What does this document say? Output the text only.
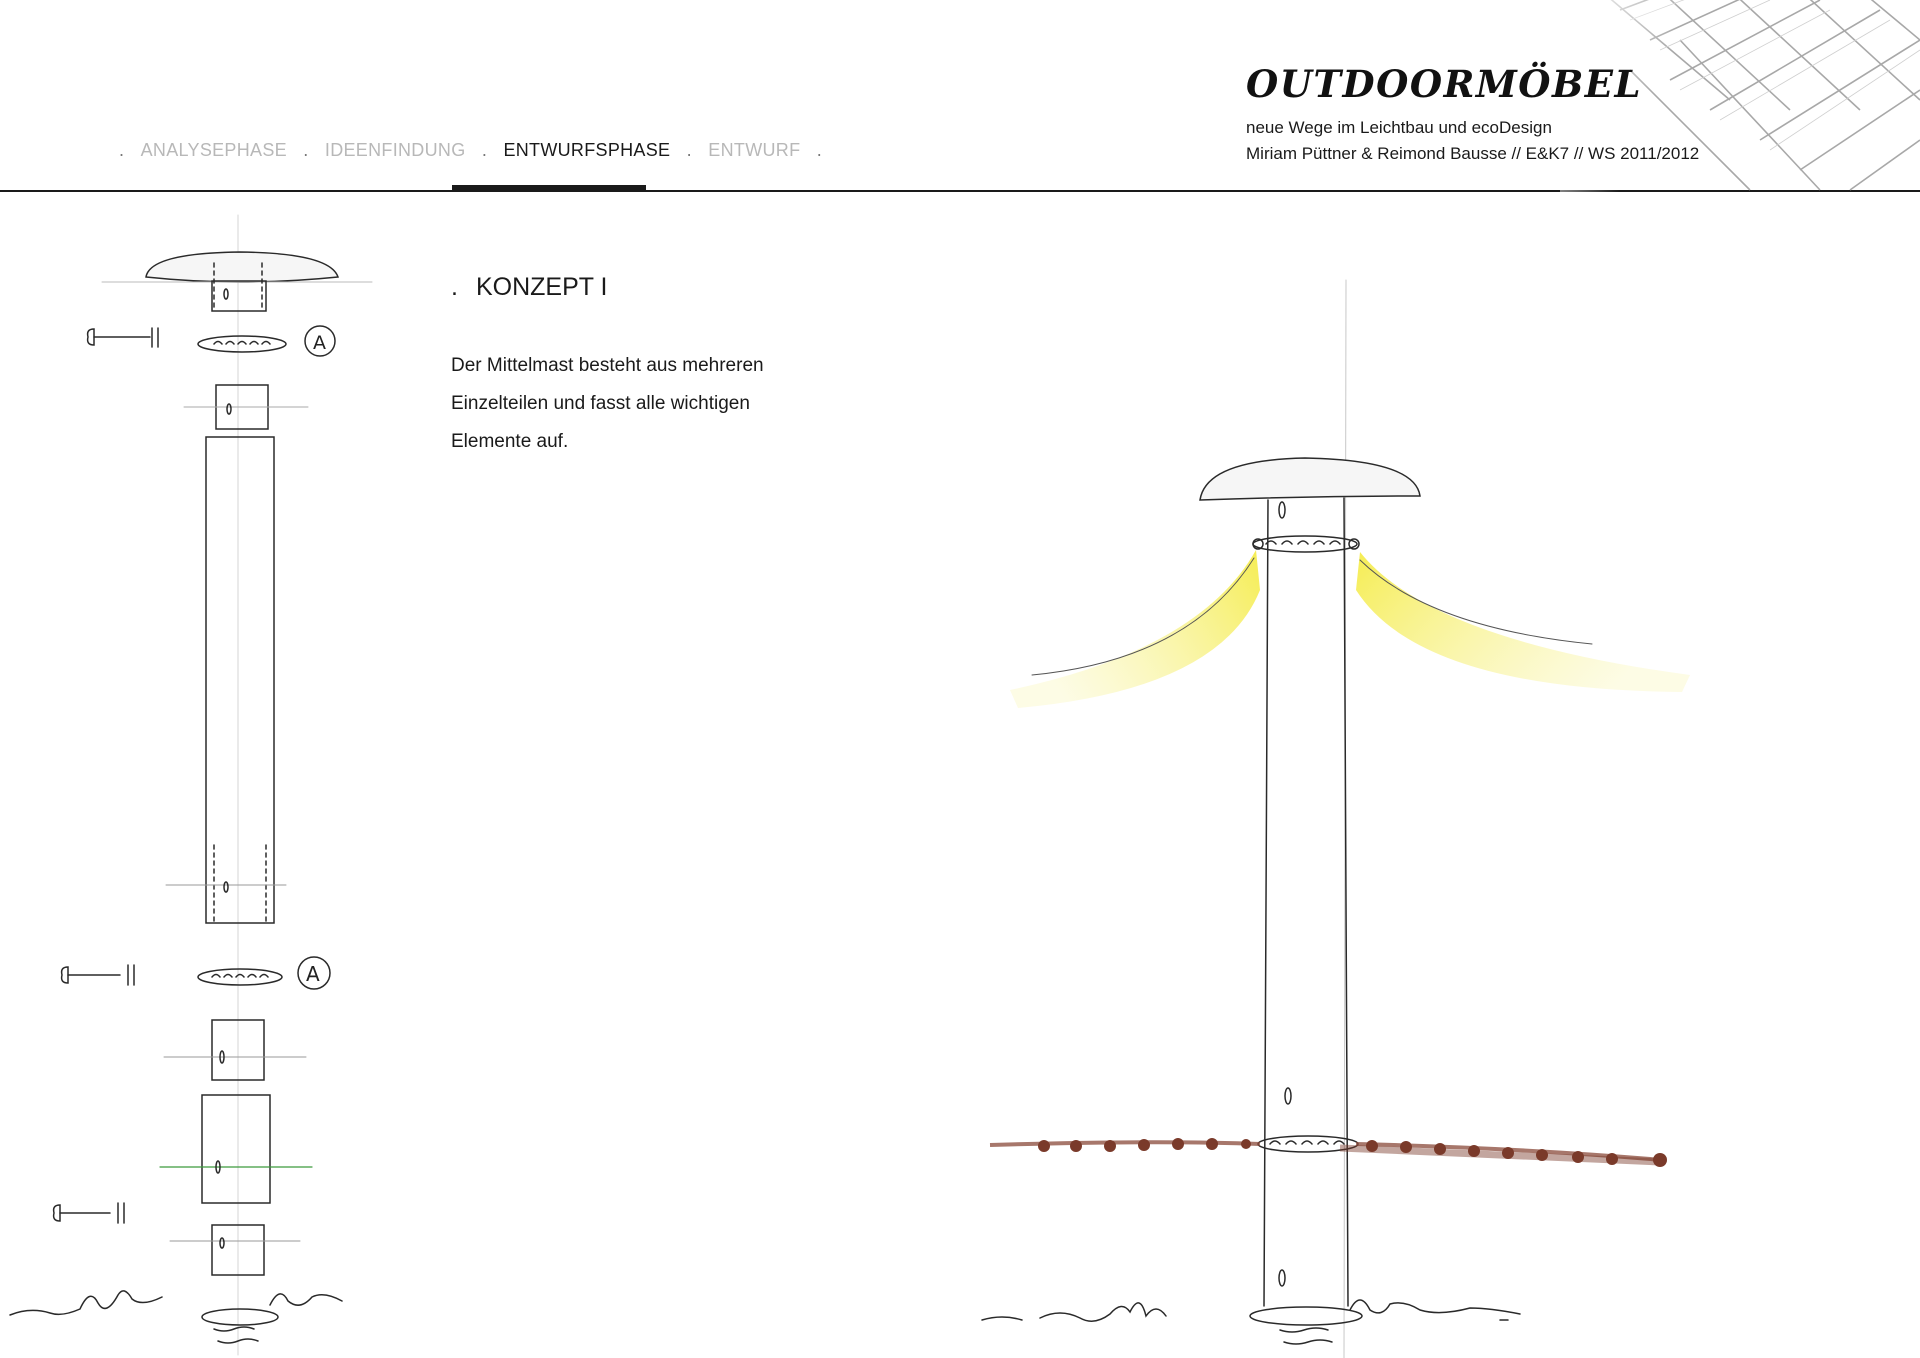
. ANALYSEPHASE . IDEENFINDUNG . ENTWURFSPHASE . ENTWURF .
OUTDOORMÖBEL
neue Wege im Leichtbau und ecoDesign
Miriam Püttner & Reimond Bausse // E&K7 // WS 2011/2012
. KONZEPT I

Der Mittelmast besteht aus mehreren

Einzelteilen und fasst alle wichtigen

Elemente auf.

A
A
